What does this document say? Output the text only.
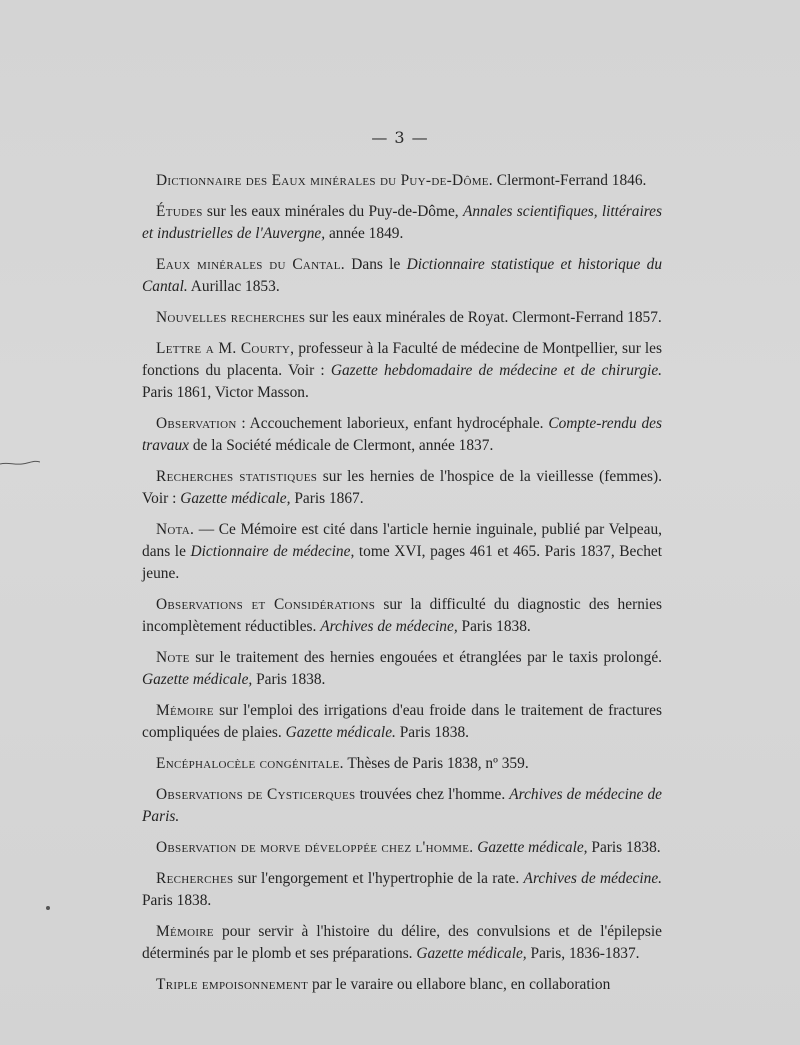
— 3 —

Dictionnaire des Eaux minérales du Puy-de-Dôme. Clermont-Ferrand 1846.

Études sur les eaux minérales du Puy-de-Dôme, Annales scientifiques, littéraires et industrielles de l'Auvergne, année 1849.

Eaux minérales du Cantal. Dans le Dictionnaire statistique et historique du Cantal. Aurillac 1853.

Nouvelles recherches sur les eaux minérales de Royat. Clermont-Ferrand 1857.

Lettre a M. Courty, professeur à la Faculté de médecine de Montpellier, sur les fonctions du placenta. Voir : Gazette hebdomadaire de médecine et de chirurgie. Paris 1861, Victor Masson.

Observation : Accouchement laborieux, enfant hydrocéphale. Compte-rendu des travaux de la Société médicale de Clermont, année 1837.

Recherches statistiques sur les hernies de l'hospice de la vieillesse (femmes). Voir : Gazette médicale, Paris 1867.

Nota. — Ce Mémoire est cité dans l'article hernie inguinale, publié par Velpeau, dans le Dictionnaire de médecine, tome XVI, pages 461 et 465. Paris 1837, Bechet jeune.

Observations et Considérations sur la difficulté du diagnostic des hernies incomplètement réductibles. Archives de médecine, Paris 1838.

Note sur le traitement des hernies engouées et étranglées par le taxis prolongé. Gazette médicale, Paris 1838.

Mémoire sur l'emploi des irrigations d'eau froide dans le traitement de fractures compliquées de plaies. Gazette médicale. Paris 1838.

Encéphalocèle congénitale. Thèses de Paris 1838, nº 359.

Observations de Cysticerques trouvées chez l'homme. Archives de médecine de Paris.

Observation de morve développée chez l'homme. Gazette médicale, Paris 1838.

Recherches sur l'engorgement et l'hypertrophie de la rate. Archives de médecine. Paris 1838.

Mémoire pour servir à l'histoire du délire, des convulsions et de l'épilepsie déterminés par le plomb et ses préparations. Gazette médicale, Paris, 1836-1837.

Triple empoisonnement par le varaire ou ellabore blanc, en collaboration
